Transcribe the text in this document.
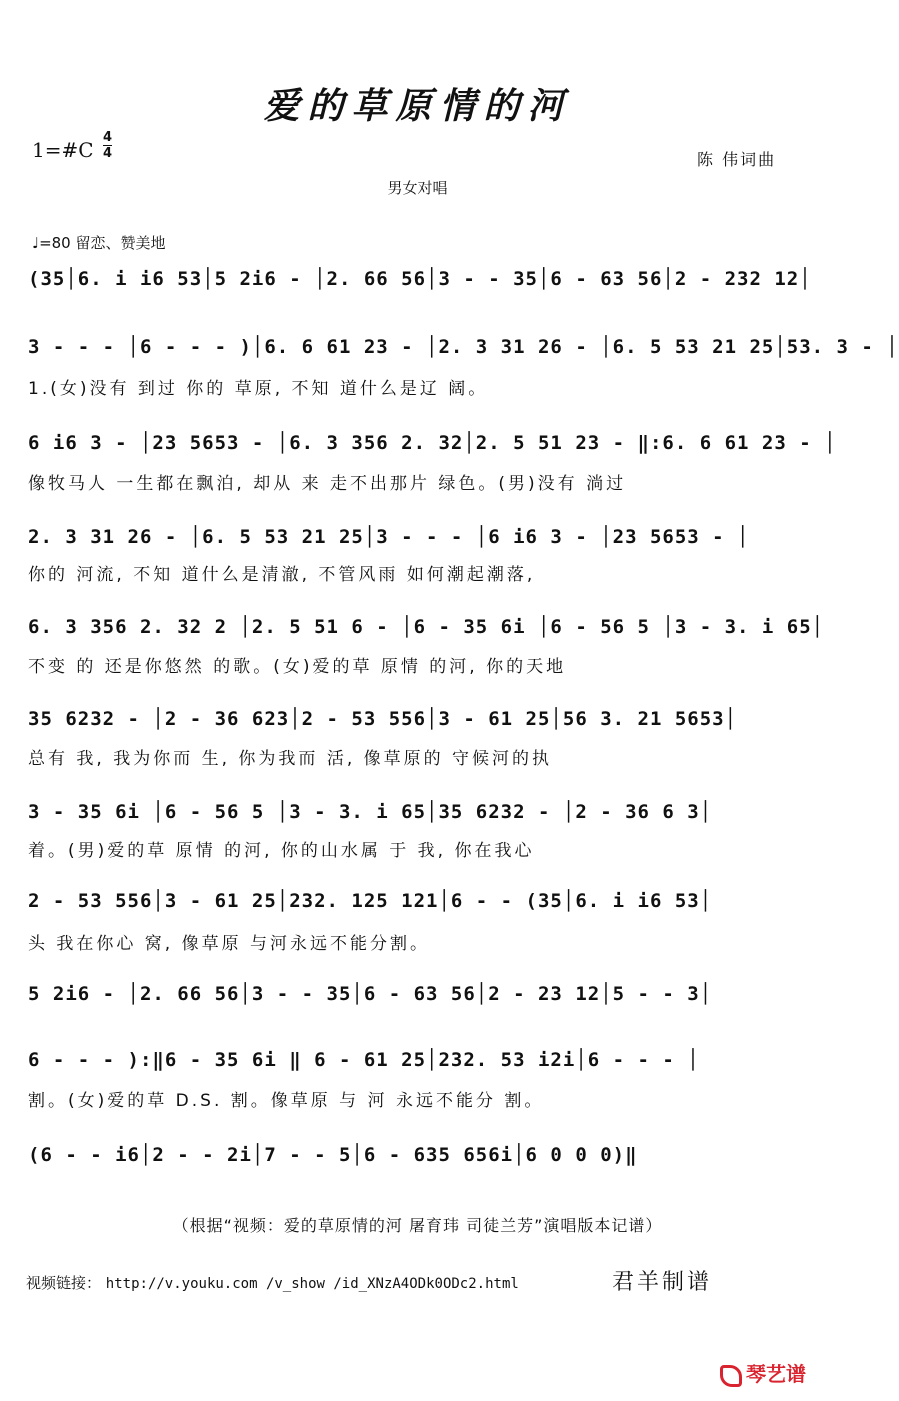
爱的草原情的河
1=#C $\frac{4}{4}$	陈 伟词曲
男女对唱
♩=80 留恋、赞美地
(35│6. i i6 53│5 2i6 - │2. 66 56│3 - - 35│6 - 63 56│2 - 232 12│
3 - - - │6 - - - )│6. 6 61 23 - │2. 3 31 26 - │6. 5 53 21 25│53. 3 - │
1.(女)没有 到过 你的 草原, 不知 道什么是辽 阔。
6 i6 3 - │23 5653 - │6. 3 356 2. 32│2. 5 51 23 - ‖:6. 6 61 23 - │
像牧马人 一生都在飘泊, 却从 来 走不出那片 绿色。(男)没有 淌过
2. 3 31 26 - │6. 5 53 21 25│3 - - - │6 i6 3 - │23 5653 - │
你的 河流, 不知 道什么是清澈, 不管风雨 如何潮起潮落,
6. 3 356 2. 32 2 │2. 5 51 6 - │6 - 35 6i │6 - 56 5 │3 - 3. i 65│
不变 的 还是你悠然 的歌。(女)爱的草 原情 的河, 你的天地
35 6232 - │2 - 36 623│2 - 53 556│3 - 61 25│56 3. 21 5653│
总有 我, 我为你而 生, 你为我而 活, 像草原的 守候河的执
3 - 35 6i │6 - 56 5 │3 - 3. i 65│35 6232 - │2 - 36 6 3│
着。(男)爱的草 原情 的河, 你的山水属 于 我, 你在我心
2 - 53 556│3 - 61 25│232. 125 121│6 - - (35│6. i i6 53│
头 我在你心 窝, 像草原 与河永远不能分割。
5 2i6 - │2. 66 56│3 - - 35│6 - 63 56│2 - 23 12│5 - - 3│
6 - - - ):‖6 - 35 6i ‖ 6 - 61 25│232. 53 i2i│6 - - - │
割。(女)爱的草 D.S. 割。像草原 与 河 永远不能分 割。
(6 - - i6│2 - - 2i│7 - - 5│6 - 635 656i│6 0 0 0)‖
（根据“视频：爱的草原情的河 屠育玮 司徒兰芳”演唱版本记谱）
视频链接： http://v.youku.com /v_show /id_XNzA4ODk0ODc2.html	君羊制谱
琴艺谱
